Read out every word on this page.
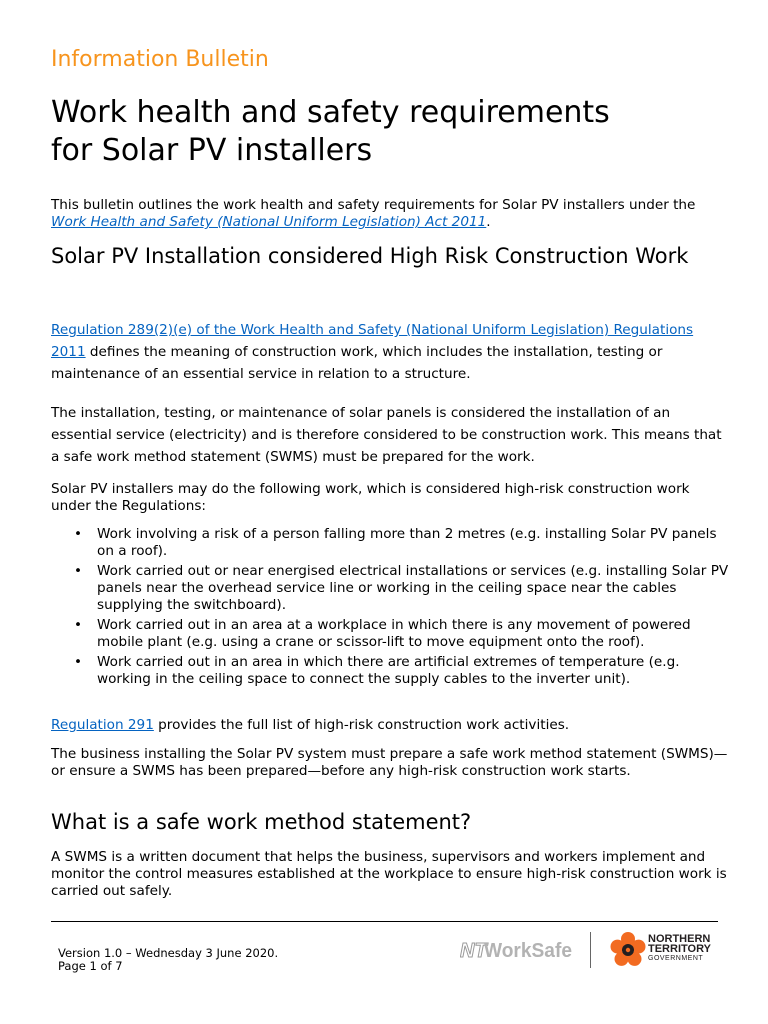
Information Bulletin
Work health and safety requirements
for Solar PV installers

This bulletin outlines the work health and safety requirements for Solar PV installers under the Work Health and Safety (National Uniform Legislation) Act 2011.

Solar PV Installation considered High Risk Construction Work

Regulation 289(2)(e) of the Work Health and Safety (National Uniform Legislation) Regulations 2011 defines the meaning of construction work, which includes the installation, testing or maintenance of an essential service in relation to a structure.

The installation, testing, or maintenance of solar panels is considered the installation of an essential service (electricity) and is therefore considered to be construction work. This means that a safe work method statement (SWMS) must be prepared for the work.

Solar PV installers may do the following work, which is considered high-risk construction work under the Regulations:

• Work involving a risk of a person falling more than 2 metres (e.g. installing Solar PV panels on a roof).
• Work carried out or near energised electrical installations or services (e.g. installing Solar PV panels near the overhead service line or working in the ceiling space near the cables supplying the switchboard).
• Work carried out in an area at a workplace in which there is any movement of powered mobile plant (e.g. using a crane or scissor-lift to move equipment onto the roof).
• Work carried out in an area in which there are artificial extremes of temperature (e.g. working in the ceiling space to connect the supply cables to the inverter unit).

Regulation 291 provides the full list of high-risk construction work activities.

The business installing the Solar PV system must prepare a safe work method statement (SWMS)—or ensure a SWMS has been prepared—before any high-risk construction work starts.

What is a safe work method statement?

A SWMS is a written document that helps the business, supervisors and workers implement and monitor the control measures established at the workplace to ensure high-risk construction work is carried out safely.

Version 1.0 – Wednesday 3 June 2020.
Page 1 of 7
NT
WorkSafe
NORTHERN
TERRITORY
GOVERNMENT
